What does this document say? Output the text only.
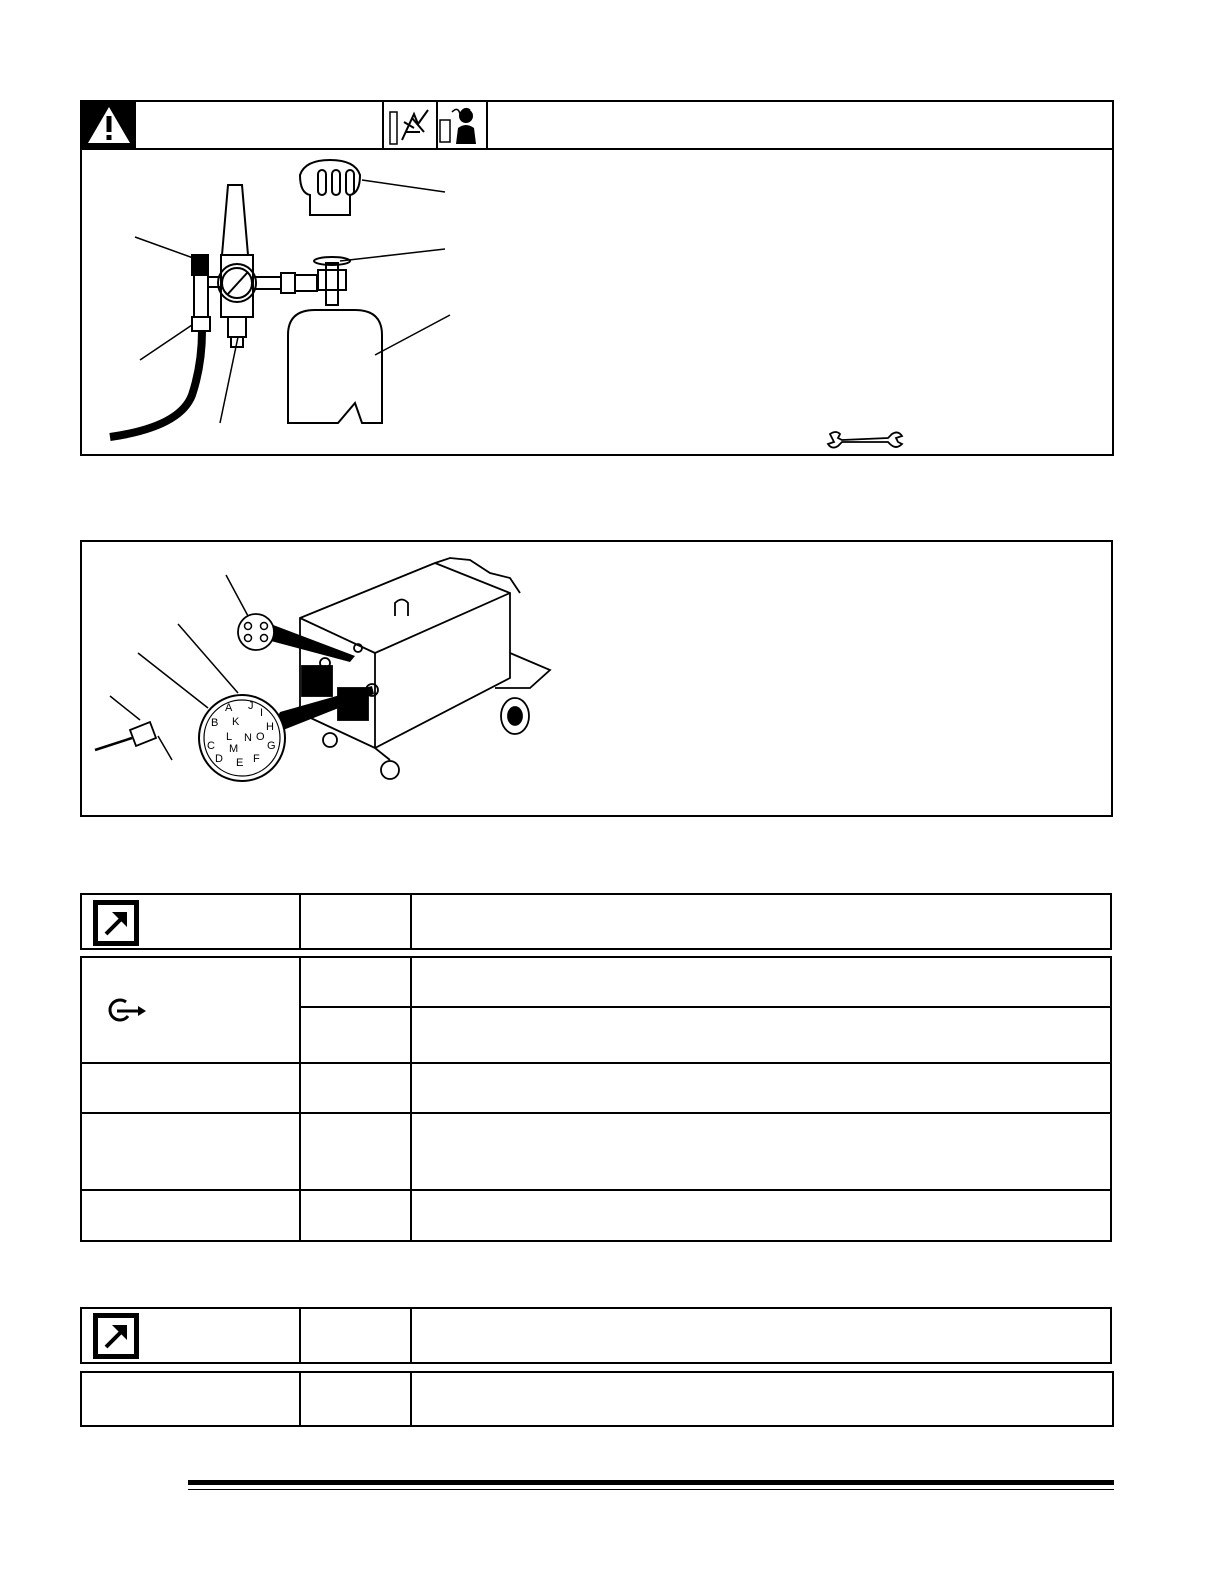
A J
B K
I
H
L N
C
O
G
M
D E F
